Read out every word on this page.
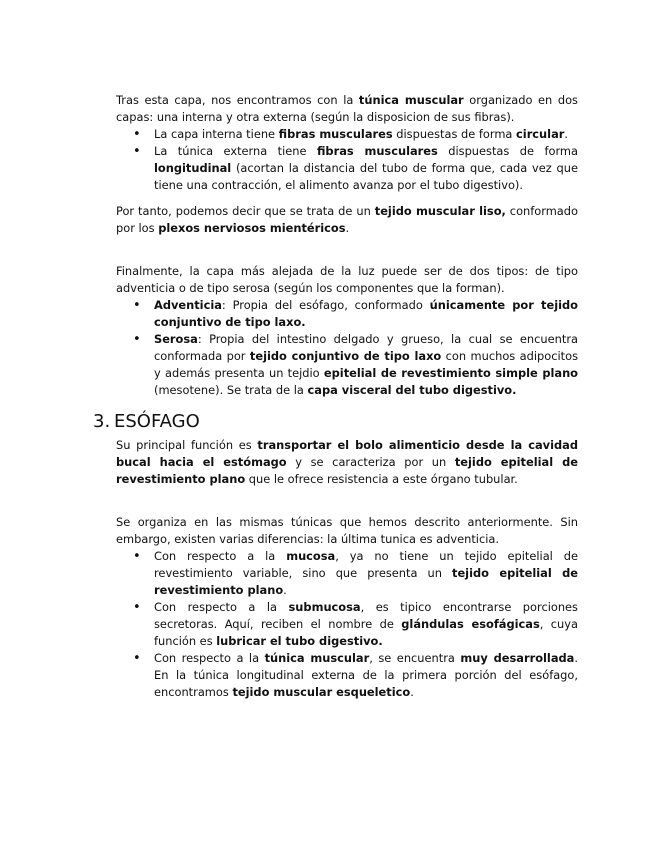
Tras esta capa, nos encontramos con la túnica muscular organizado en dos capas: una interna y otra externa (según la disposicion de sus fibras).

• La capa interna tiene fibras musculares dispuestas de forma circular.
• La túnica externa tiene fibras musculares dispuestas de forma longitudinal (acortan la distancia del tubo de forma que, cada vez que tiene una contracción, el alimento avanza por el tubo digestivo).

Por tanto, podemos decir que se trata de un tejido muscular liso, conformado por los plexos nerviosos mientéricos.

Finalmente, la capa más alejada de la luz puede ser de dos tipos: de tipo adventicia o de tipo serosa (según los componentes que la forman).

• Adventicia: Propia del esófago, conformado únicamente por tejido conjuntivo de tipo laxo.
• Serosa: Propia del intestino delgado y grueso, la cual se encuentra conformada por tejido conjuntivo de tipo laxo con muchos adipocitos y además presenta un tejdio epitelial de revestimiento simple plano (mesotene). Se trata de la capa visceral del tubo digestivo.
3. ESÓFAGO

Su principal función es transportar el bolo alimenticio desde la cavidad bucal hacia el estómago y se caracteriza por un tejido epitelial de revestimiento plano que le ofrece resistencia a este órgano tubular.

Se organiza en las mismas túnicas que hemos descrito anteriormente. Sin embargo, existen varias diferencias: la última tunica es adventicia.

• Con respecto a la mucosa, ya no tiene un tejido epitelial de revestimiento variable, sino que presenta un tejido epitelial de revestimiento plano.
• Con respecto a la submucosa, es tipico encontrarse porciones secretoras. Aquí, reciben el nombre de glándulas esofágicas, cuya función es lubricar el tubo digestivo.
• Con respecto a la túnica muscular, se encuentra muy desarrollada. En la túnica longitudinal externa de la primera porción del esófago, encontramos tejido muscular esqueletico.
